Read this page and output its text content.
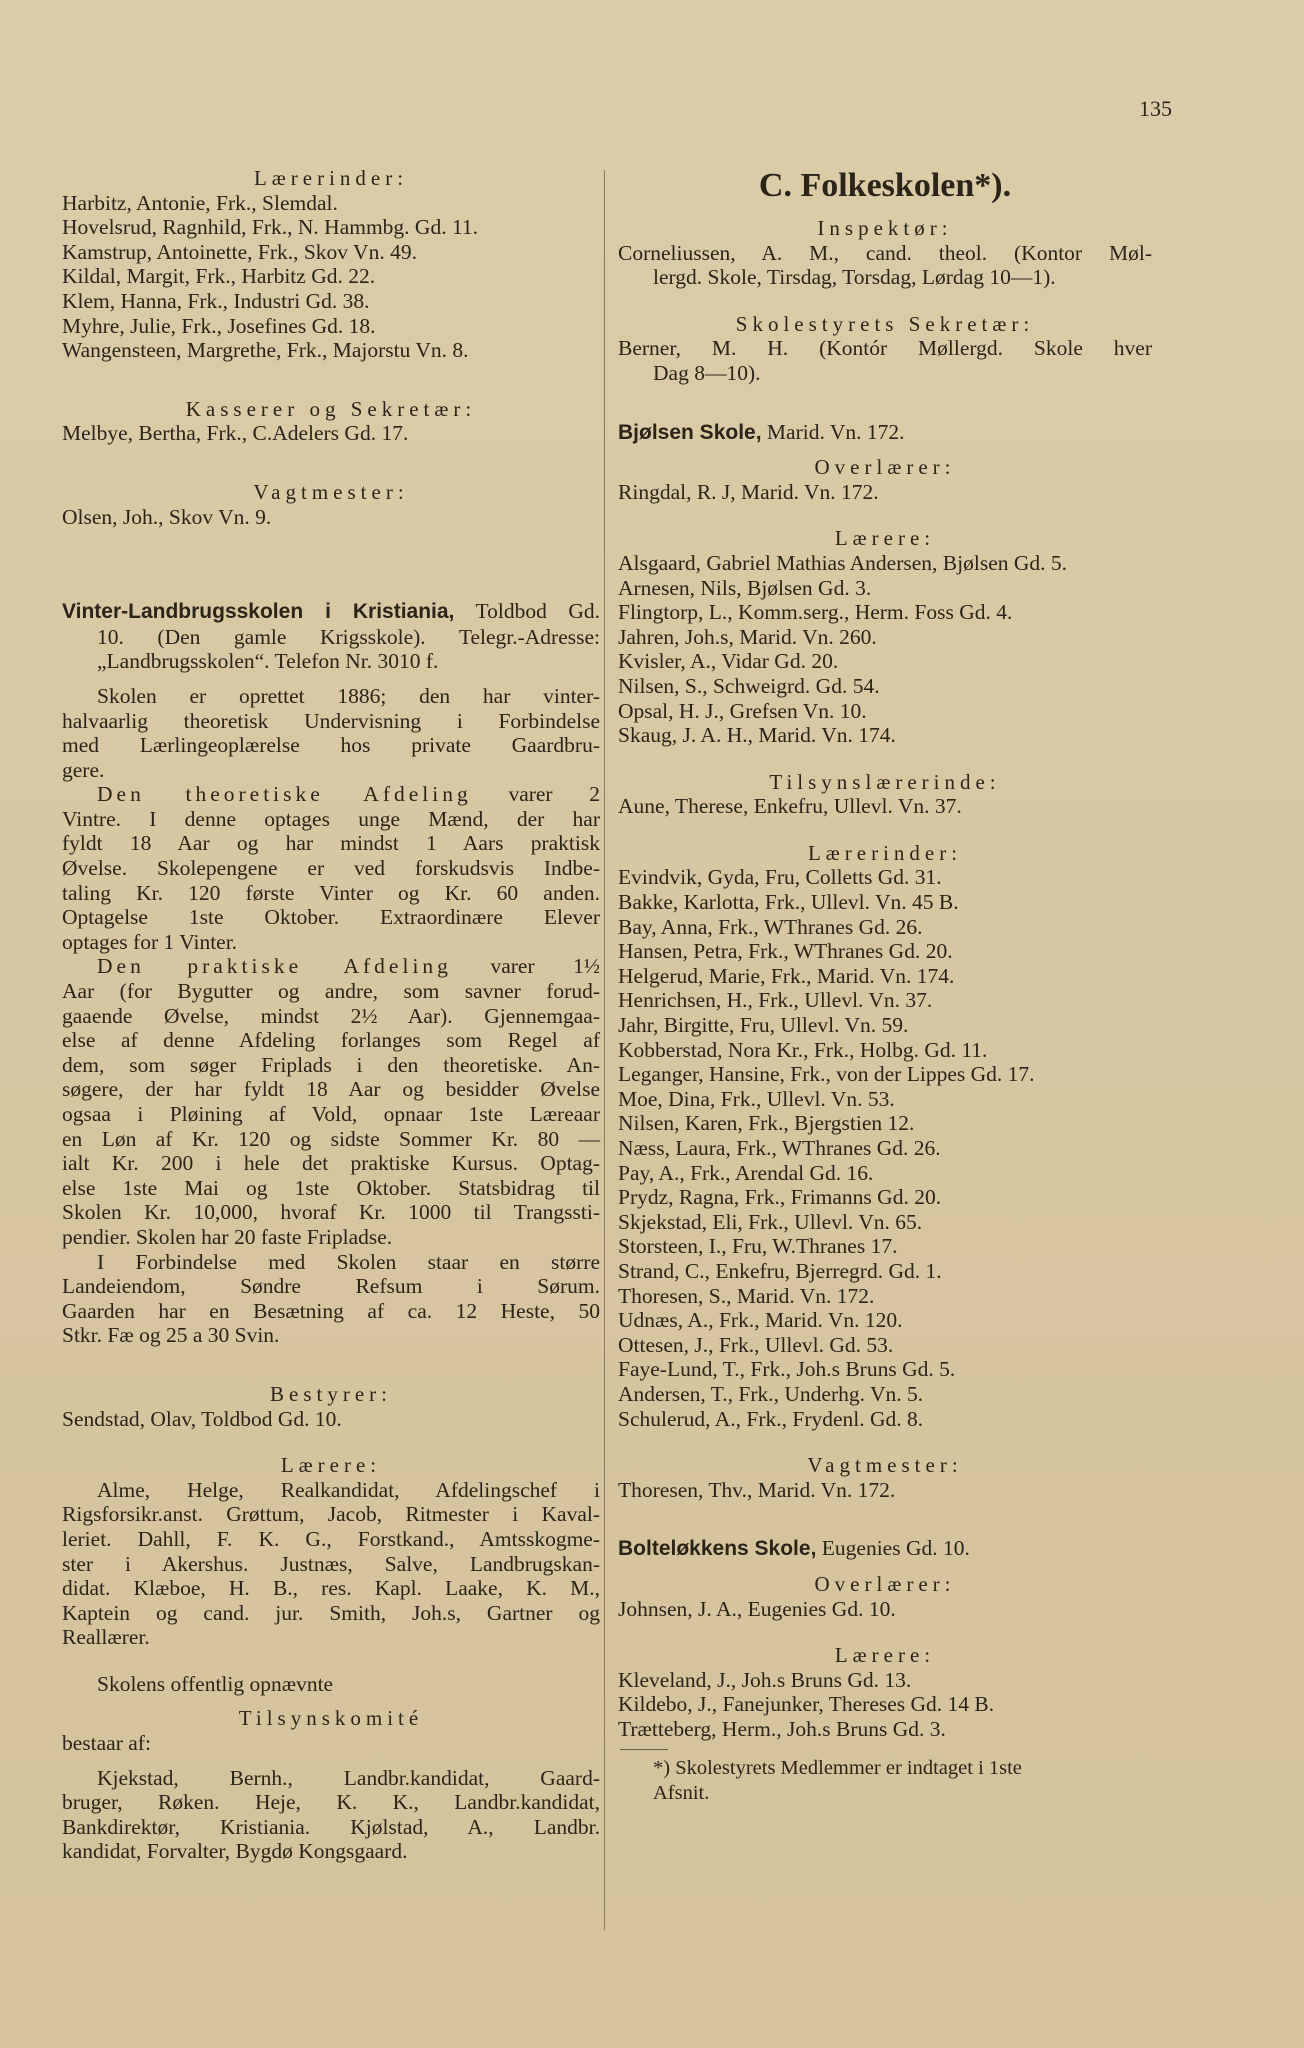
135
Lærerinder:
Harbitz, Antonie, Frk., Slemdal.
Hovelsrud, Ragnhild, Frk., N. Hammbg. Gd. 11.
Kamstrup, Antoinette, Frk., Skov Vn. 49.
Kildal, Margit, Frk., Harbitz Gd. 22.
Klem, Hanna, Frk., Industri Gd. 38.
Myhre, Julie, Frk., Josefines Gd. 18.
Wangensteen, Margrethe, Frk., Majorstu Vn. 8.
Kasserer og Sekretær:
Melbye, Bertha, Frk., C.Adelers Gd. 17.
Vagtmester:
Olsen, Joh., Skov Vn. 9.
Vinter-Landbrugsskolen i Kristiania, Toldbod Gd.
10. (Den gamle Krigsskole). Telegr.-Adresse:
„Landbrugsskolen“. Telefon Nr. 3010 f.
Skolen er oprettet 1886; den har vinter-
halvaarlig theoretisk Undervisning i Forbindelse
med Lærlingeoplærelse hos private Gaardbru-
gere.
Den theoretiske Afdeling varer 2
Vintre. I denne optages unge Mænd, der har
fyldt 18 Aar og har mindst 1 Aars praktisk
Øvelse. Skolepengene er ved forskudsvis Indbe-
taling Kr. 120 første Vinter og Kr. 60 anden.
Optagelse 1ste Oktober. Extraordinære Elever
optages for 1 Vinter.
Den praktiske Afdeling varer 1½
Aar (for Bygutter og andre, som savner forud-
gaaende Øvelse, mindst 2½ Aar). Gjennemgaa-
else af denne Afdeling forlanges som Regel af
dem, som søger Friplads i den theoretiske. An-
søgere, der har fyldt 18 Aar og besidder Øvelse
ogsaa i Pløining af Vold, opnaar 1ste Læreaar
en Løn af Kr. 120 og sidste Sommer Kr. 80 —
ialt Kr. 200 i hele det praktiske Kursus. Optag-
else 1ste Mai og 1ste Oktober. Statsbidrag til
Skolen Kr. 10,000, hvoraf Kr. 1000 til Trangssti-
pendier. Skolen har 20 faste Fripladse.
I Forbindelse med Skolen staar en større
Landeiendom, Søndre Refsum i Sørum.
Gaarden har en Besætning af ca. 12 Heste, 50
Stkr. Fæ og 25 a 30 Svin.
Bestyrer:
Sendstad, Olav, Toldbod Gd. 10.
Lærere:
Alme, Helge, Realkandidat, Afdelingschef i
Rigsforsikr.anst. Grøttum, Jacob, Ritmester i Kaval-
leriet. Dahll, F. K. G., Forstkand., Amtsskogme-
ster i Akershus. Justnæs, Salve, Landbrugskan-
didat. Klæboe, H. B., res. Kapl. Laake, K. M.,
Kaptein og cand. jur. Smith, Joh.s, Gartner og
Reallærer.
Skolens offentlig opnævnte
Tilsynskomité
bestaar af:
Kjekstad, Bernh., Landbr.kandidat, Gaard-
bruger, Røken. Heje, K. K., Landbr.kandidat,
Bankdirektør, Kristiania. Kjølstad, A., Landbr.
kandidat, Forvalter, Bygdø Kongsgaard.
C. Folkeskolen*).
Inspektør:
Corneliussen, A. M., cand. theol. (Kontor Møl-
lergd. Skole, Tirsdag, Torsdag, Lørdag 10—1).
Skolestyrets Sekretær:
Berner, M. H. (Kontór Møllergd. Skole hver
Dag 8—10).
Bjølsen Skole, Marid. Vn. 172.
Overlærer:
Ringdal, R. J, Marid. Vn. 172.
Lærere:
Alsgaard, Gabriel Mathias Andersen, Bjølsen Gd. 5.
Arnesen, Nils, Bjølsen Gd. 3.
Flingtorp, L., Komm.serg., Herm. Foss Gd. 4.
Jahren, Joh.s, Marid. Vn. 260.
Kvisler, A., Vidar Gd. 20.
Nilsen, S., Schweigrd. Gd. 54.
Opsal, H. J., Grefsen Vn. 10.
Skaug, J. A. H., Marid. Vn. 174.
Tilsynslærerinde:
Aune, Therese, Enkefru, Ullevl. Vn. 37.
Lærerinder:
Evindvik, Gyda, Fru, Colletts Gd. 31.
Bakke, Karlotta, Frk., Ullevl. Vn. 45 B.
Bay, Anna, Frk., WThranes Gd. 26.
Hansen, Petra, Frk., WThranes Gd. 20.
Helgerud, Marie, Frk., Marid. Vn. 174.
Henrichsen, H., Frk., Ullevl. Vn. 37.
Jahr, Birgitte, Fru, Ullevl. Vn. 59.
Kobberstad, Nora Kr., Frk., Holbg. Gd. 11.
Leganger, Hansine, Frk., von der Lippes Gd. 17.
Moe, Dina, Frk., Ullevl. Vn. 53.
Nilsen, Karen, Frk., Bjergstien 12.
Næss, Laura, Frk., WThranes Gd. 26.
Pay, A., Frk., Arendal Gd. 16.
Prydz, Ragna, Frk., Frimanns Gd. 20.
Skjekstad, Eli, Frk., Ullevl. Vn. 65.
Storsteen, I., Fru, W.Thranes 17.
Strand, C., Enkefru, Bjerregrd. Gd. 1.
Thoresen, S., Marid. Vn. 172.
Udnæs, A., Frk., Marid. Vn. 120.
Ottesen, J., Frk., Ullevl. Gd. 53.
Faye-Lund, T., Frk., Joh.s Bruns Gd. 5.
Andersen, T., Frk., Underhg. Vn. 5.
Schulerud, A., Frk., Frydenl. Gd. 8.
Vagtmester:
Thoresen, Thv., Marid. Vn. 172.
Bolteløkkens Skole, Eugenies Gd. 10.
Overlærer:
Johnsen, J. A., Eugenies Gd. 10.
Lærere:
Kleveland, J., Joh.s Bruns Gd. 13.
Kildebo, J., Fanejunker, Thereses Gd. 14 B.
Trætteberg, Herm., Joh.s Bruns Gd. 3.
*) Skolestyrets Medlemmer er indtaget i 1ste
Afsnit.
